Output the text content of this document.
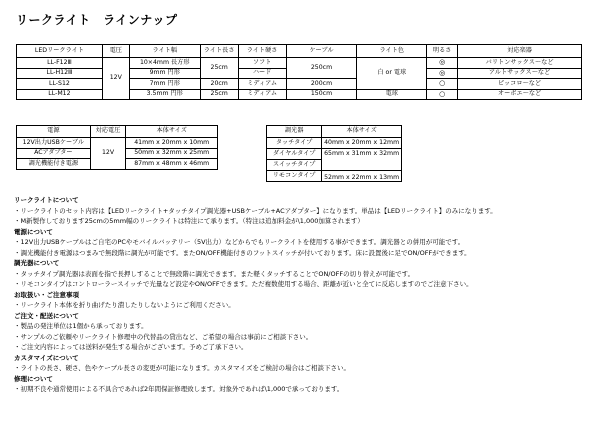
リークライト　ラインナップ
LEDリークライト	電圧	ライト幅	ライト長さ	ライト硬さ	ケーブル	ライト色	明るさ	対応楽器
LL-F12Ⅲ	12V	10×4mm 長方形	25cm	ソフト	250cm	白 or 電球	◎	バリトンサックス～など
LL-H12Ⅲ		9mm 円形		ハード			◎	アルトサックス～など
LL-S12		7mm 円形	20cm	ミディアム	200cm		○	ピッコロ～など
LL-M12		3.5mm 円形	25cm	ミディアム	150cm	電球	○	オーボエ～など
電源	対応電圧	本体サイズ
12V出力USBケーブル	12V	41mm x 20mm x 10mm
ACアダプター		50mm x 32mm x 25mm
調光機能付き電源		87mm x 48mm x 46mm
調光器	本体サイズ
タッチタイプ	40mm x 20mm x 12mm
ダイヤルタイプ	65mm x 31mm x 32mm
スイッチタイプ	
リモコンタイプ	52mm x 22mm x 13mm
リークライトについて
・リークライトのセット内容は【LEDリークライト+タッチタイプ調光器+USBケーブル+ACアダプター】になります。単品は【LEDリークライト】のみになります。
・M新製作しております25cmの5mm幅のリークライトは特注にて承ります。（特注は追加料金が\1,000加算されます）
電源について
・12V出力USBケーブルはご自宅のPCやモバイルバッテリー（5V出力）などからでもリークライトを使用する事ができます。調光器との併用が可能です。
・調光機能付き電源はつまみで無段階に調光が可能です。またON/OFF機能付きのフットスイッチが付いております。床に設置後に足でON/OFFができます。
調光器について
・タッチタイプ調光器は表面を指で長押しすることで無段階に調光できます。また軽くタッチすることでON/OFFの切り替えが可能です。
・リモコンタイプはコントローラースイッチで光量など設定やON/OFFできます。ただ複数使用する場合、距離が近いと全てに反応しますのでご注意下さい。
お取扱い・ご注意事項
・リークライト本体を折り曲げたり潰したりしないようにご利用ください。
ご注文・配送について
・製品の発注単位は1個から承っております。
・サンプルのご依頼やリークライト修理中の代替品の貸出など、ご希望の場合は事前にご相談下さい。
・ご注文内容によっては送料が発生する場合がございます。予めご了承下さい。
カスタマイズについて
・ライトの長さ、硬さ、色やケーブル長さの変更が可能になります。カスタマイズをご検討の場合はご相談下さい。
修理について
・初期不良や通常使用による不具合であれば2年間保証修理致します。対象外であれば\1,000で承っております。
